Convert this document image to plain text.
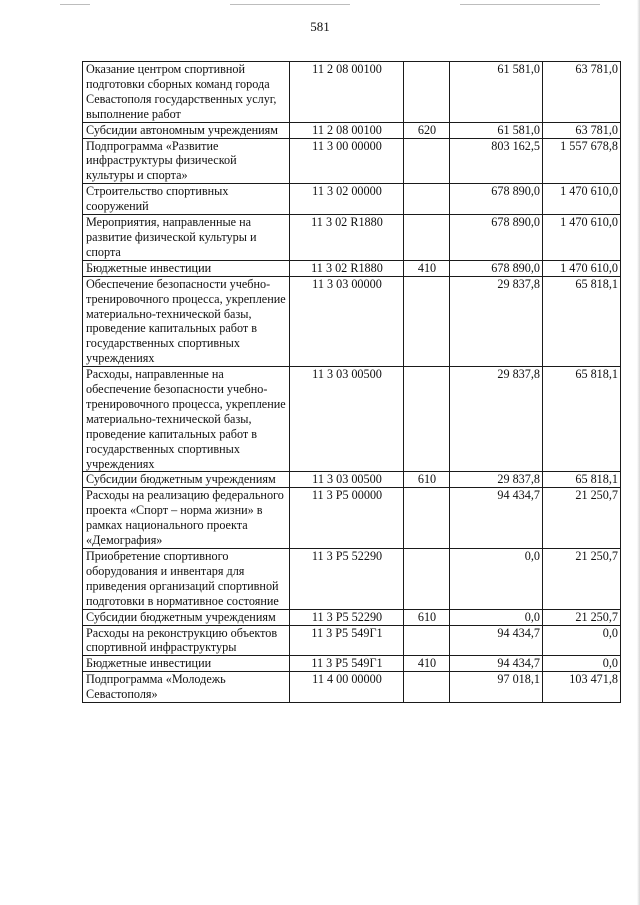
581
Оказание центром спортивной подготовки сборных команд города Севастополя государственных услуг, выполнение работ	11 2 08 00100		61 581,0	63 781,0
Субсидии автономным учреждениям	11 2 08 00100	620	61 581,0	63 781,0
Подпрограмма «Развитие инфраструктуры физической культуры и спорта»	11 3 00 00000		803 162,5	1 557 678,8
Строительство спортивных сооружений	11 3 02 00000		678 890,0	1 470 610,0
Мероприятия, направленные на развитие физической культуры и спорта	11 3 02 R1880		678 890,0	1 470 610,0
Бюджетные инвестиции	11 3 02 R1880	410	678 890,0	1 470 610,0
Обеспечение безопасности учебно-тренировочного процесса, укрепление материально-технической базы, проведение капитальных работ в государственных спортивных учреждениях	11 3 03 00000		29 837,8	65 818,1
Расходы, направленные на обеспечение безопасности учебно-тренировочного процесса, укрепление материально-технической базы, проведение капитальных работ в государственных спортивных учреждениях	11 3 03 00500		29 837,8	65 818,1
Субсидии бюджетным учреждениям	11 3 03 00500	610	29 837,8	65 818,1
Расходы на реализацию федерального проекта «Спорт – норма жизни» в рамках национального проекта «Демография»	11 3 Р5 00000		94 434,7	21 250,7
Приобретение спортивного оборудования и инвентаря для приведения организаций спортивной подготовки в нормативное состояние	11 3 Р5 52290		0,0	21 250,7
Субсидии бюджетным учреждениям	11 3 Р5 52290	610	0,0	21 250,7
Расходы на реконструкцию объектов спортивной инфраструктуры	11 3 Р5 549Г1		94 434,7	0,0
Бюджетные инвестиции	11 3 Р5 549Г1	410	94 434,7	0,0
Подпрограмма «Молодежь Севастополя»	11 4 00 00000		97 018,1	103 471,8
